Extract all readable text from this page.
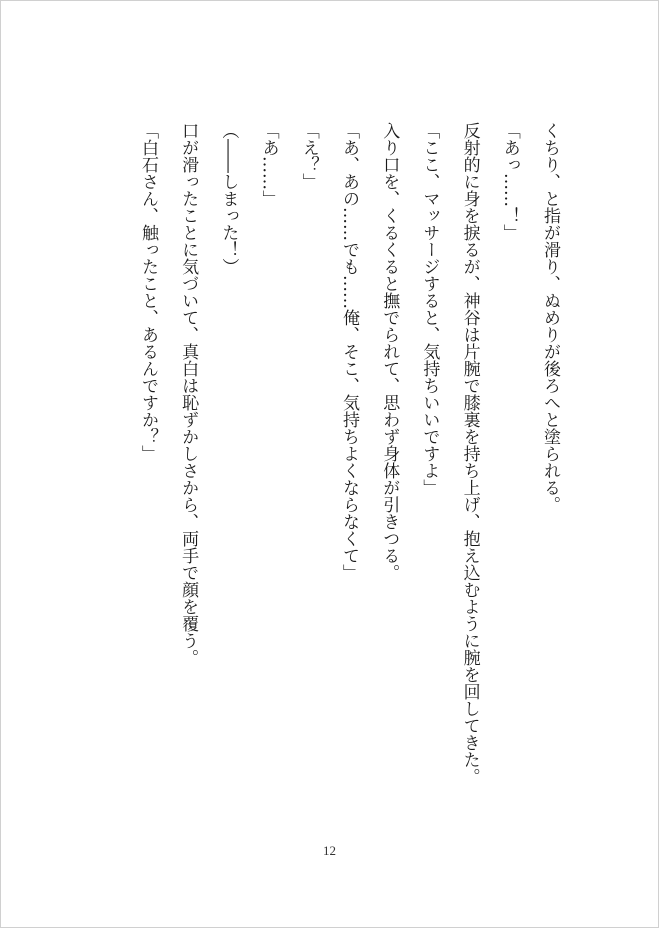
くちり、と指が滑り、ぬめりが後ろへと塗られる。

「あっ……！」

反射的に身を捩るが、神谷は片腕で膝裏を持ち上げ、抱え込むように腕を回してきた。

「ここ、マッサージすると、気持ちいいですよ」

入り口を、くるくると撫でられて、思わず身体が引きつる。

「あ、あの……でも……俺、そこ、気持ちよくならなくて」

「え？」

「あ……」

（――しまった！）

口が滑ったことに気づいて、真白は恥ずかしさから、両手で顔を覆う。

「白石さん、触ったこと、あるんですか？」

12
